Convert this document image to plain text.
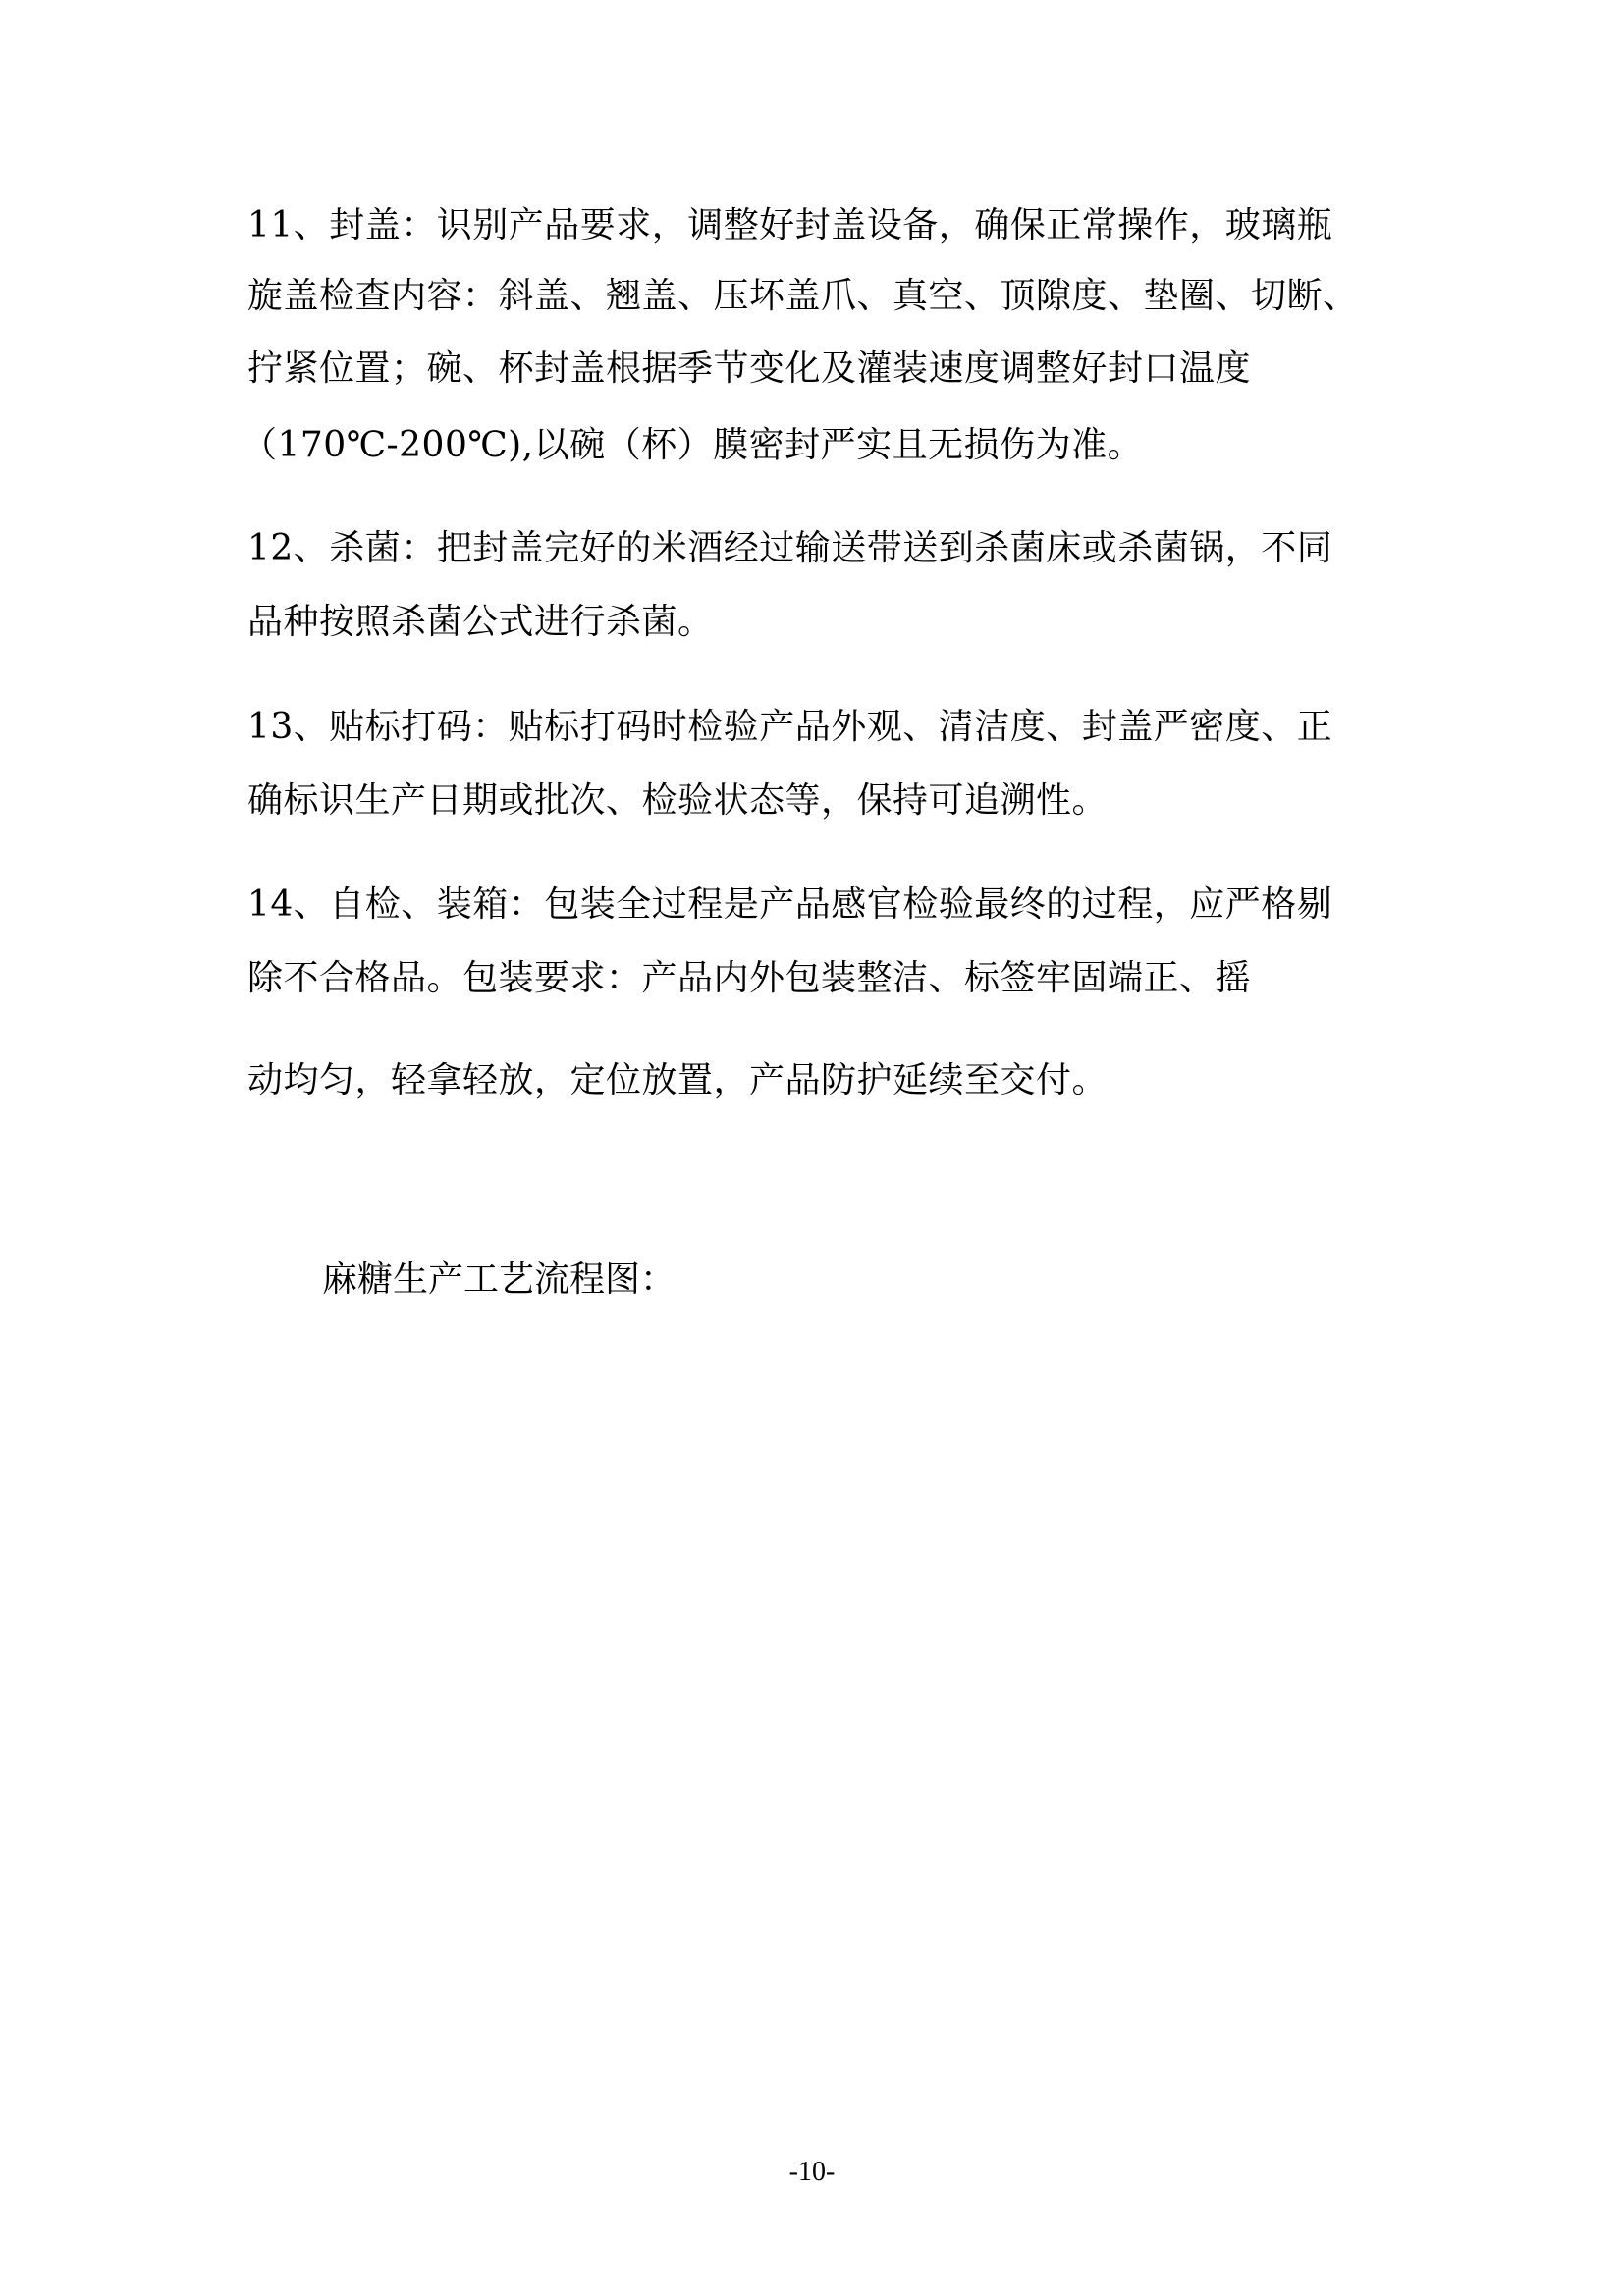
11、封盖：识别产品要求，调整好封盖设备，确保正常操作，玻璃瓶
旋盖检查内容：斜盖、翘盖、压坏盖爪、真空、顶隙度、垫圈、切断、
拧紧位置；碗、杯封盖根据季节变化及灌装速度调整好封口温度
（170℃-200℃),以碗（杯）膜密封严实且无损伤为准。
12、杀菌：把封盖完好的米酒经过输送带送到杀菌床或杀菌锅，不同
品种按照杀菌公式进行杀菌。
13、贴标打码：贴标打码时检验产品外观、清洁度、封盖严密度、正
确标识生产日期或批次、检验状态等，保持可追溯性。
14、自检、装箱：包装全过程是产品感官检验最终的过程，应严格剔
除不合格品。包装要求：产品内外包装整洁、标签牢固端正、摇
动均匀，轻拿轻放，定位放置，产品防护延续至交付。
麻糖生产工艺流程图：
-10-
